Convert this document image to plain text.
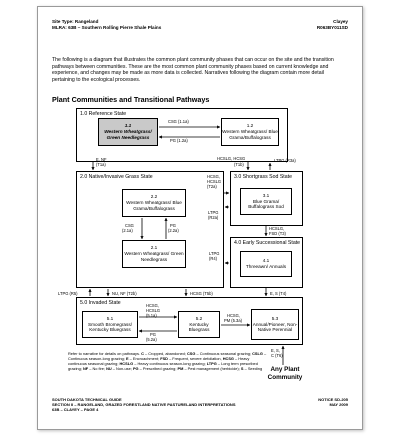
Site Type: Rangeland
MLRA: 63B – Southern Rolling Pierre Shale Plains
Clayey
R063BY011SD
The following is a diagram that illustrates the common plant community phases that can occur on the site and the transition pathways between communities. These are the most common plant community phases based on current knowledge and experience, and changes may be made as more data is collected. Narratives following the diagram contain more detail pertaining to the ecological processes.
Plant Communities and Transitional Pathways
1.0 Reference State
2.0 Native/Invasive Grass State	3.0 Shortgrass Sod State
4.0 Early Successional State
5.0 Invaded State
1.1
Western Wheatgrass/ Green Needlegrass
1.2
Western Wheatgrass/ Blue Grama/Buffalograss
2.2
Western Wheatgrass/ Blue Grama/Buffalograss
2.1
Western Wheatgrass/ Green Needlegrass
3.1
Blue Grama/ Buffalograss Sod
4.1
Threeawn/ Annuals
5.1
Smooth Bromegrass/ Kentucky Bluegrass
5.2
Kentucky Bluegrass
5.3
Annual/Pioneer, Non-Native Perennial
CSG (1.1a)
PG (1.2a)
E, NF
(T1a)
HCSLG, HCSG
(T1b)
LTPG (R3a)
HCSG,
HCSLG
(T2a)
LTPG
(R2a)
CSG
(2.1a)
PG
(2.2a)	HCSLG,
FSD (T3)
LTPG
(R4)
LTPG (R5)	NU, NF (T2b)	HCSG (T5b)	E, S (T4)
HCSG,
HCSLG
(5.1a)
PG
(5.2a)
HCSG,
PM (5.3a)
E, S,
C (T6)
Refer to narrative for details on pathways. C – Cropped, abandoned; CSG – Continuous seasonal grazing; CSLG – Continuous season-long grazing; E – Encroachment; FSD – Frequent, severe defoliation, HCSG – Heavy continuous seasonal grazing; HCSLG – Heavy continuous season-long grazing; LTPG – Long term prescribed grazing; NF – No fire; NU – Non-use; PG – Prescribed grazing; PM – Pest management (herbicide); S – Seeding	Any Plant Community
SOUTH DAKOTA TECHNICAL GUIDE
SECTION II – RANGELAND, GRAZED FORESTLAND NATIVE PASTURELAND INTERPRETATIONS
63B – CLAYEY – PAGE 4
NOTICE SD-205
MAY 2009
